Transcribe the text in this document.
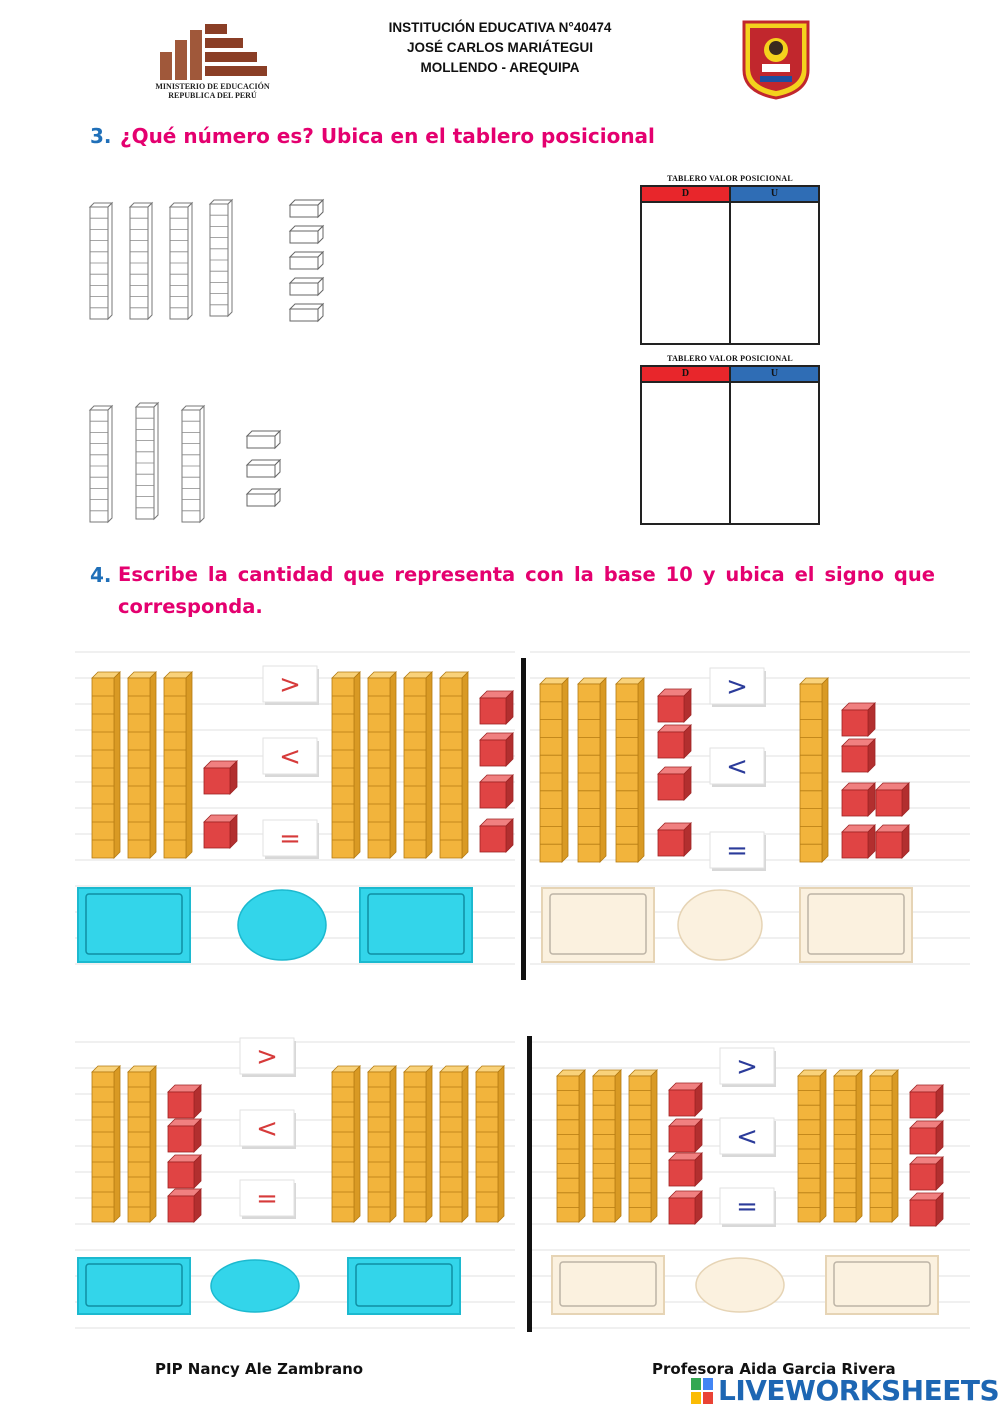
MINISTERIO DE EDUCACIÓN
REPUBLICA DEL PERÚ
INSTITUCIÓN EDUCATIVA N°40474
JOSÉ CARLOS MARIÁTEGUI
MOLLENDO - AREQUIPA
3. ¿Qué número es? Ubica en el tablero posicional
TABLERO VALOR POSICIONAL
D	U
TABLERO VALOR POSICIONAL
D	U
4. Escribe la cantidad que representa con la base 10 y ubica el signo que
corresponda.
>
<
=
>
<
=
>
<
=
>
<
=
PIP Nancy Ale Zambrano	Profesora Aida Garcia Rivera
LIVEWORKSHEETS
